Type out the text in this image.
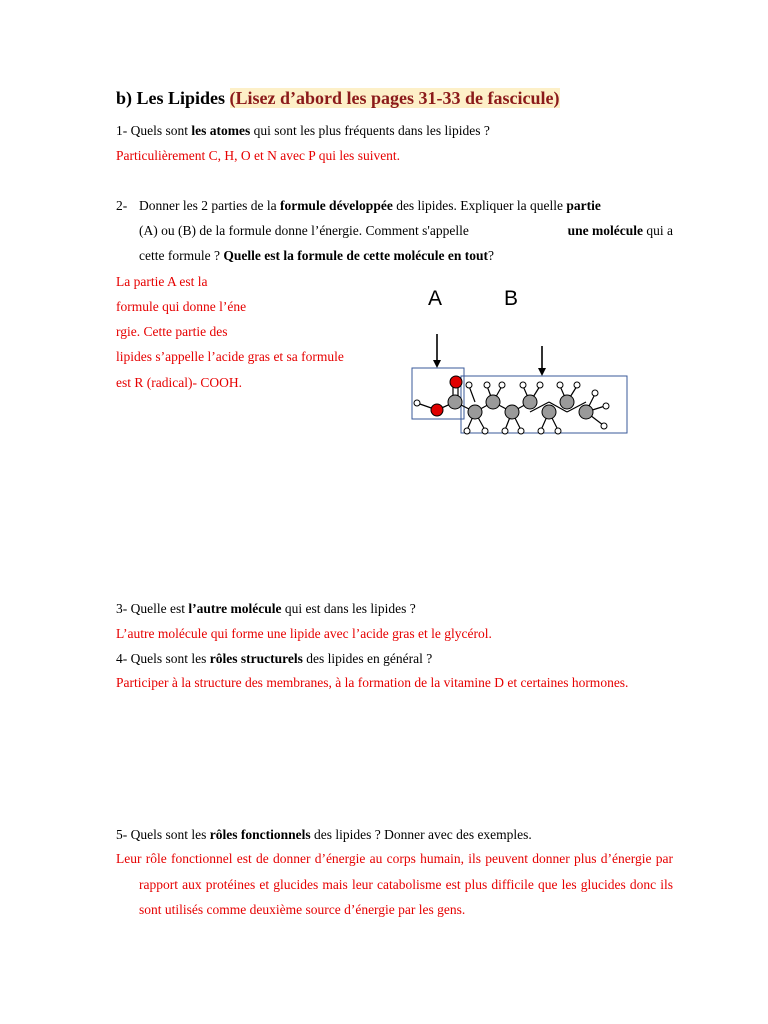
b) Les Lipides (Lisez d’abord les pages 31-33 de fascicule)
1- Quels sont les atomes qui sont les plus fréquents dans les lipides ?
Particulièrement C, H, O et N avec P qui les suivent.
2- Donner les 2 parties de la formule développée des lipides. Expliquer la quelle partie
(A) ou (B) de la formule donne l’énergie. Comment s'appelle	une molécule qui a
cette formule ? Quelle est la formule de cette molécule en tout?
La partie A est la
formule qui donne l’éne
rgie. Cette partie des
lipides s’appelle l’acide gras et sa formule
est R (radical)- COOH.
A	B
3- Quelle est l’autre molécule qui est dans les lipides ?
L’autre molécule qui forme une lipide avec l’acide gras et le glycérol.
4- Quels sont les rôles structurels des lipides en général ?
Participer à la structure des membranes, à la formation de la vitamine D et certaines hormones.
5- Quels sont les rôles fonctionnels des lipides ? Donner avec des exemples.
Leur rôle fonctionnel est de donner d’énergie au corps humain, ils peuvent donner plus d’énergie par rapport aux protéines et glucides mais leur catabolisme est plus difficile que les glucides donc ils sont utilisés comme deuxième source d’énergie par les gens.
